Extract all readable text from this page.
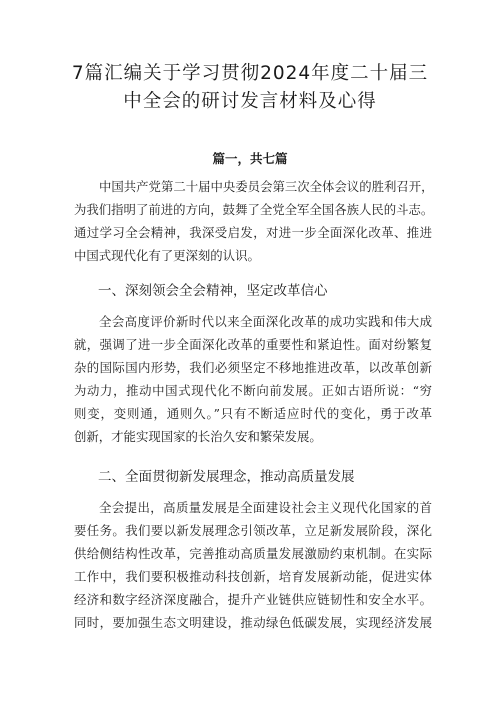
7篇汇编关于学习贯彻2024年度二十届三
中全会的研讨发言材料及心得
篇一，共七篇
中国共产党第二十届中央委员会第三次全体会议的胜利召开，
为我们指明了前进的方向，鼓舞了全党全军全国各族人民的斗志。
通过学习全会精神，我深受启发，对进一步全面深化改革、推进
中国式现代化有了更深刻的认识。
一、深刻领会全会精神，坚定改革信心
全会高度评价新时代以来全面深化改革的成功实践和伟大成
就，强调了进一步全面深化改革的重要性和紧迫性。面对纷繁复
杂的国际国内形势，我们必须坚定不移地推进改革，以改革创新
为动力，推动中国式现代化不断向前发展。正如古语所说：“穷
则变，变则通，通则久。”只有不断适应时代的变化，勇于改革
创新，才能实现国家的长治久安和繁荣发展。
二、全面贯彻新发展理念，推动高质量发展
全会提出，高质量发展是全面建设社会主义现代化国家的首
要任务。我们要以新发展理念引领改革，立足新发展阶段，深化
供给侧结构性改革，完善推动高质量发展激励约束机制。在实际
工作中，我们要积极推动科技创新，培育发展新动能，促进实体
经济和数字经济深度融合，提升产业链供应链韧性和安全水平。
同时，要加强生态文明建设，推动绿色低碳发展，实现经济发展
